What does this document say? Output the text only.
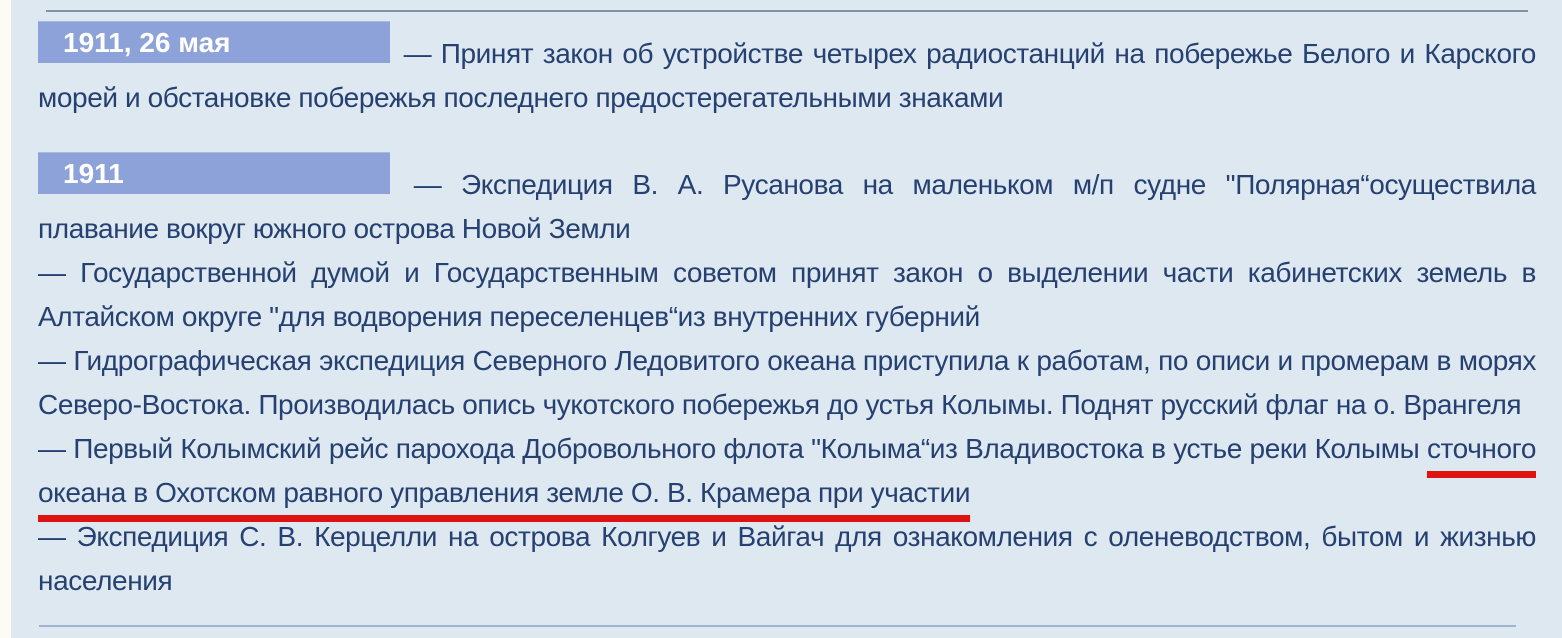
1911, 26 мая	— Принят закон об устройстве четырех радиостанций на побережье Белого и Карского морей и обстановке побережья последнего предостерегательными знаками

1911	— Экспедиция В. А. Русанова на маленьком м/п судне "Полярная“осуществила плавание вокруг южного острова Новой Земли

— Государственной думой и Государственным советом принят закон о выделении части кабинетских земель в Алтайском округе "для водворения переселенцев“из внутренних губерний

— Гидрографическая экспедиция Северного Ледовитого океана приступила к работам, по описи и промерам в морях Северо-Востока. Производилась опись чукотского побережья до устья Колымы. Поднят русский флаг на о. Врангеля

— Первый Колымский рейс парохода Добровольного флота "Колыма“из Владивостока в устье реки Колымы сточного океана в Охотском равного управления земле О. В. Крамера при участии

— Экспедиция С. В. Керцелли на острова Колгуев и Вайгач для ознакомления с оленеводством, бытом и жизнью населения
